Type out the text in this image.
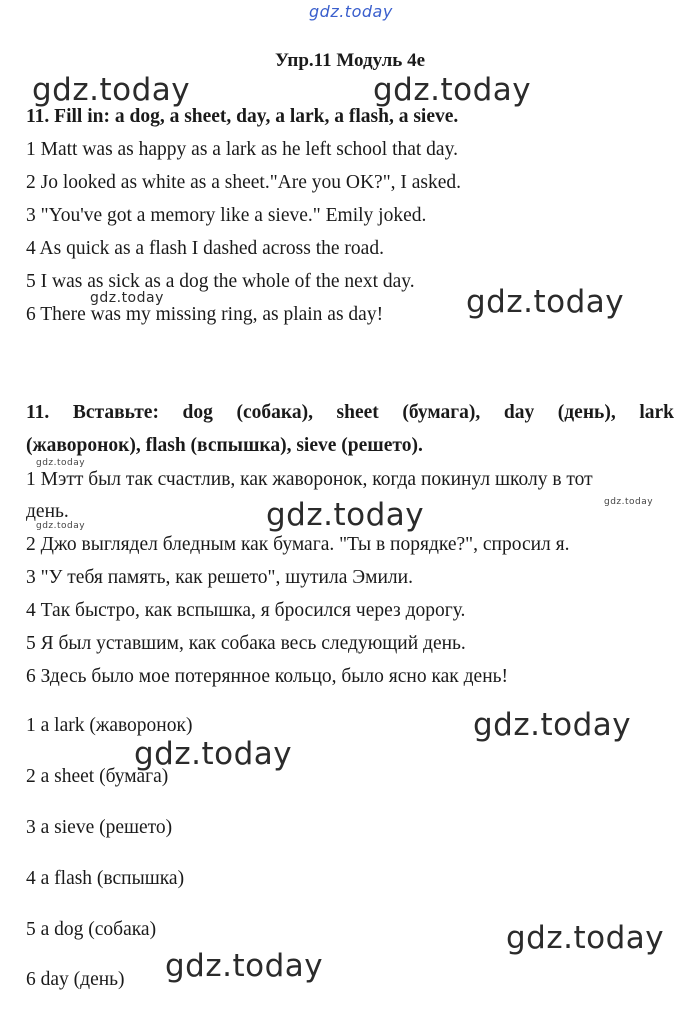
gdz.today
gdz.today	gdz.today
gdz.today	gdz.today
gdz.today
gdz.today
gdz.today	gdz.today
gdz.today
gdz.today
gdz.today
gdz.today
Упр.11 Модуль 4е
11. Fill in: a dog, a sheet, day, a lark, a flash, a sieve.
1 Matt was as happy as a lark as he left school that day.
2 Jo looked as white as a sheet."Are you OK?", I asked.
3 "You've got a memory like a sieve." Emily joked.
4 As quick as a flash I dashed across the road.
5 I was as sick as a dog the whole of the next day.
6 There was my missing ring, as plain as day!
11. Вставьте: dog (собака), sheet (бумага), day (день), lark
(жаворонок), flash (вспышка), sieve (решето).
1 Мэтт был так счастлив, как жаворонок, когда покинул школу в тот
день.
2 Джо выглядел бледным как бумага. "Ты в порядке?", спросил я.
3 "У тебя память, как решето", шутила Эмили.
4 Так быстро, как вспышка, я бросился через дорогу.
5 Я был уставшим, как собака весь следующий день.
6 Здесь было мое потерянное кольцо, было ясно как день!
1 a lark (жаворонок)
2 a sheet (бумага)
3 a sieve (решето)
4 a flash (вспышка)
5 a dog (собака)
6 day (день)
